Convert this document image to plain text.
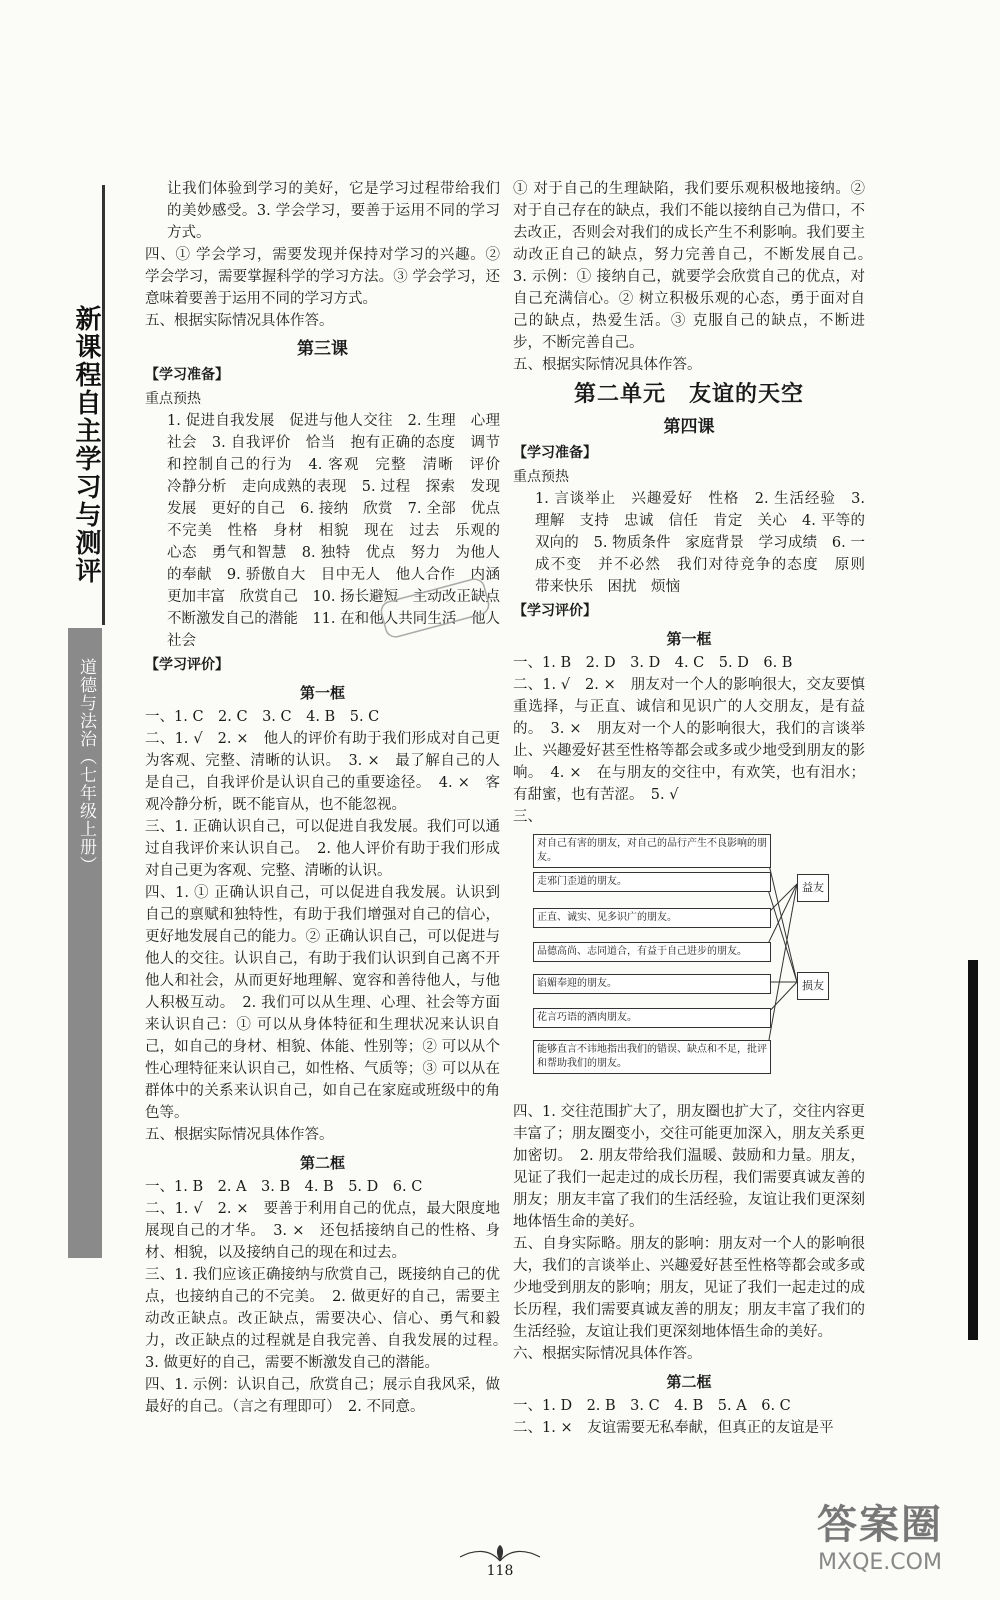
新课程自主学习与测评
道德与法治（七年级上册）

让我们体验到学习的美好，它是学习过程带给我们的美妙感受。3. 学会学习，要善于运用不同的学习方式。

四、① 学会学习，需要发现并保持对学习的兴趣。② 学会学习，需要掌握科学的学习方法。③ 学会学习，还意味着要善于运用不同的学习方式。

五、根据实际情况具体作答。

第三课
【学习准备】
重点预热

1. 促进自我发展　促进与他人交往　2. 生理　心理　社会　3. 自我评价　恰当　抱有正确的态度　调节和控制自己的行为　4. 客观　完整　清晰　评价　冷静分析　走向成熟的表现　5. 过程　探索　发现　发展　更好的自己　6. 接纳　欣赏　7. 全部　优点　不完美　性格　身材　相貌　现在　过去　乐观的心态　勇气和智慧　8. 独特　优点　努力　为他人的奉献　9. 骄傲自大　目中无人　他人合作　内涵更加丰富　欣赏自己　10. 扬长避短　主动改正缺点　不断激发自己的潜能　11. 在和他人共同生活　他人　社会

【学习评价】
第一框

一、1. C　2. C　3. C　4. B　5. C

二、1. √　2. ×　他人的评价有助于我们形成对自己更为客观、完整、清晰的认识。　3. ×　最了解自己的人是自己，自我评价是认识自己的重要途径。　4. ×　客观冷静分析，既不能盲从，也不能忽视。

三、1. 正确认识自己，可以促进自我发展。我们可以通过自我评价来认识自己。　2. 他人评价有助于我们形成对自己更为客观、完整、清晰的认识。

四、1. ① 正确认识自己，可以促进自我发展。认识到自己的禀赋和独特性，有助于我们增强对自己的信心，更好地发展自己的能力。② 正确认识自己，可以促进与他人的交往。认识自己，有助于我们认识到自己离不开他人和社会，从而更好地理解、宽容和善待他人，与他人积极互动。　2. 我们可以从生理、心理、社会等方面来认识自己：① 可以从身体特征和生理状况来认识自己，如自己的身材、相貌、体能、性别等；② 可以从个性心理特征来认识自己，如性格、气质等；③ 可以从在群体中的关系来认识自己，如自己在家庭或班级中的角色等。

五、根据实际情况具体作答。

第二框

一、1. B　2. A　3. B　4. B　5. D　6. C

二、1. √　2. ×　要善于利用自己的优点，最大限度地展现自己的才华。　3. ×　还包括接纳自己的性格、身材、相貌，以及接纳自己的现在和过去。

三、1. 我们应该正确接纳与欣赏自己，既接纳自己的优点，也接纳自己的不完美。　2. 做更好的自己，需要主动改正缺点。改正缺点，需要决心、信心、勇气和毅力，改正缺点的过程就是自我完善、自我发展的过程。　3. 做更好的自己，需要不断激发自己的潜能。

四、1. 示例：认识自己，欣赏自己；展示自我风采，做最好的自己。（言之有理即可）　2. 不同意。

① 对于自己的生理缺陷，我们要乐观积极地接纳。② 对于自己存在的缺点，我们不能以接纳自己为借口，不去改正，否则会对我们的成长产生不利影响。我们要主动改正自己的缺点，努力完善自己，不断发展自己。　3. 示例：① 接纳自己，就要学会欣赏自己的优点，对自己充满信心。② 树立积极乐观的心态，勇于面对自己的缺点，热爱生活。③ 克服自己的缺点，不断进步，不断完善自己。

五、根据实际情况具体作答。

第二单元　友谊的天空
第四课
【学习准备】
重点预热

1. 言谈举止　兴趣爱好　性格　2. 生活经验　3. 理解　支持　忠诚　信任　肯定　关心　4. 平等的　双向的　5. 物质条件　家庭背景　学习成绩　6. 一成不变　并不必然　我们对待竞争的态度　原则　带来快乐　困扰　烦恼

【学习评价】
第一框

一、1. B　2. D　3. D　4. C　5. D　6. B

二、1. √　2. ×　朋友对一个人的影响很大，交友要慎重选择，与正直、诚信和见识广的人交朋友，是有益的。　3. ×　朋友对一个人的影响很大，我们的言谈举止、兴趣爱好甚至性格等都会或多或少地受到朋友的影响。　4. ×　在与朋友的交往中，有欢笑，也有泪水；有甜蜜，也有苦涩。　5. √

三、
对自己有害的朋友，对自己的品行产生不良影响的朋友。
走邪门歪道的朋友。
正直、诚实、见多识广的朋友。
品德高尚、志同道合，有益于自己进步的朋友。
谄媚奉迎的朋友。
花言巧语的酒肉朋友。
能够直言不讳地指出我们的错误、缺点和不足，批评和帮助我们的朋友。
益友
损友

四、1. 交往范围扩大了，朋友圈也扩大了，交往内容更丰富了；朋友圈变小，交往可能更加深入，朋友关系更加密切。　2. 朋友带给我们温暖、鼓励和力量。朋友，见证了我们一起走过的成长历程，我们需要真诚友善的朋友；朋友丰富了我们的生活经验，友谊让我们更深刻地体悟生命的美好。

五、自身实际略。朋友的影响：朋友对一个人的影响很大，我们的言谈举止、兴趣爱好甚至性格等都会或多或少地受到朋友的影响；朋友，见证了我们一起走过的成长历程，我们需要真诚友善的朋友；朋友丰富了我们的生活经验，友谊让我们更深刻地体悟生命的美好。

六、根据实际情况具体作答。

第二框

一、1. D　2. B　3. C　4. B　5. A　6. C

二、1. ×　友谊需要无私奉献，但真正的友谊是平

118
答案圈
MXQE.COM
